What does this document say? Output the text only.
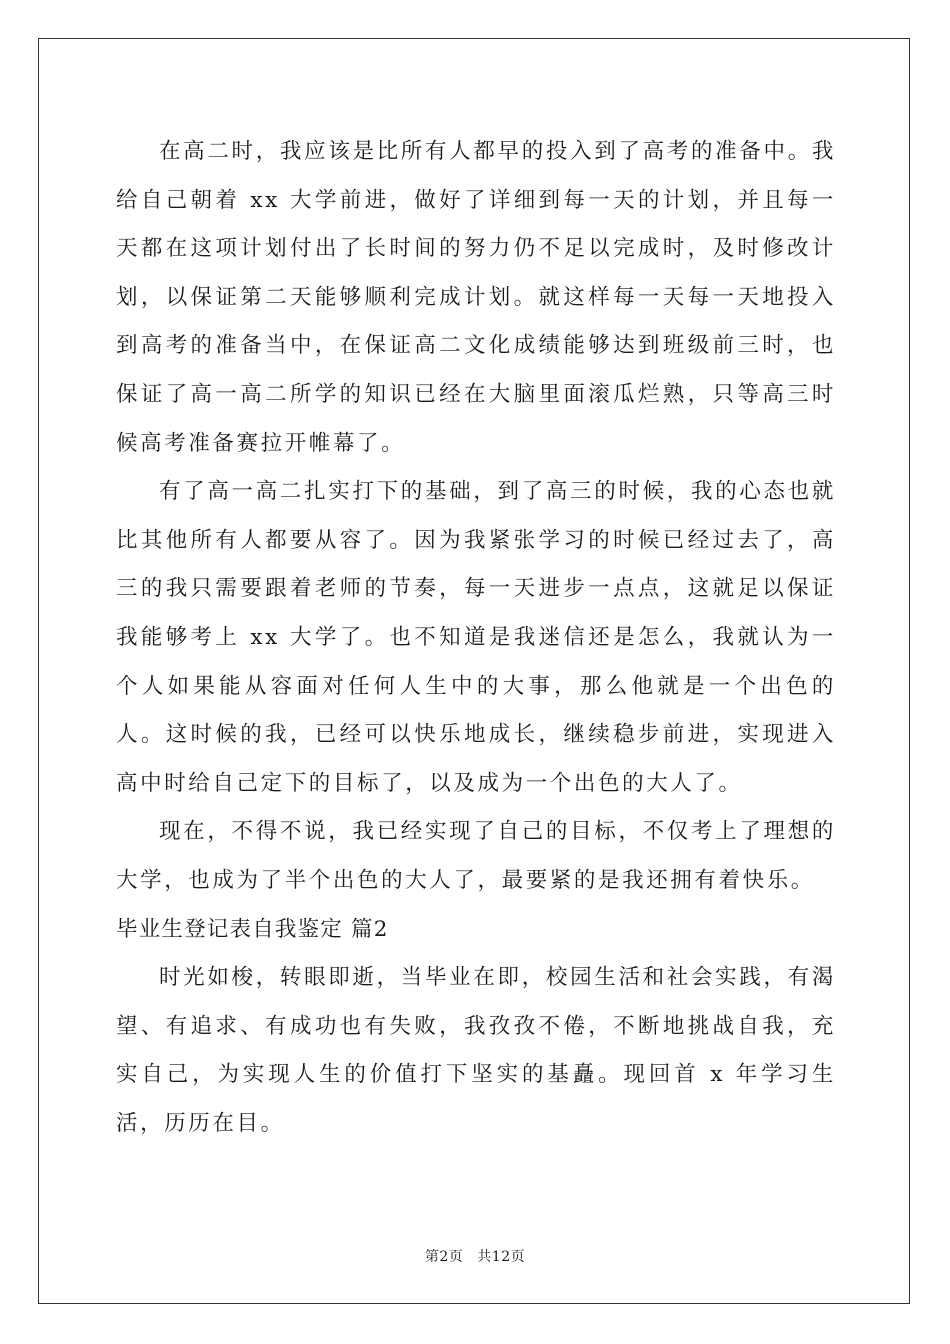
在高二时，我应该是比所有人都早的投入到了高考的准备中。我给自己朝着 xx 大学前进，做好了详细到每一天的计划，并且每一天都在这项计划付出了长时间的努力仍不足以完成时，及时修改计划，以保证第二天能够顺利完成计划。就这样每一天每一天地投入到高考的准备当中，在保证高二文化成绩能够达到班级前三时，也保证了高一高二所学的知识已经在大脑里面滚瓜烂熟，只等高三时候高考准备赛拉开帷幕了。

有了高一高二扎实打下的基础，到了高三的时候，我的心态也就比其他所有人都要从容了。因为我紧张学习的时候已经过去了，高三的我只需要跟着老师的节奏，每一天进步一点点，这就足以保证我能够考上 xx 大学了。也不知道是我迷信还是怎么，我就认为一个人如果能从容面对任何人生中的大事，那么他就是一个出色的人。这时候的我，已经可以快乐地成长，继续稳步前进，实现进入高中时给自己定下的目标了，以及成为一个出色的大人了。

现在，不得不说，我已经实现了自己的目标，不仅考上了理想的大学，也成为了半个出色的大人了，最要紧的是我还拥有着快乐。

毕业生登记表自我鉴定 篇2

时光如梭，转眼即逝，当毕业在即，校园生活和社会实践，有渴望、有追求、有成功也有失败，我孜孜不倦，不断地挑战自我，充实自己，为实现人生的价值打下坚实的基矗。现回首 x 年学习生活，历历在目。

第2页 共12页
